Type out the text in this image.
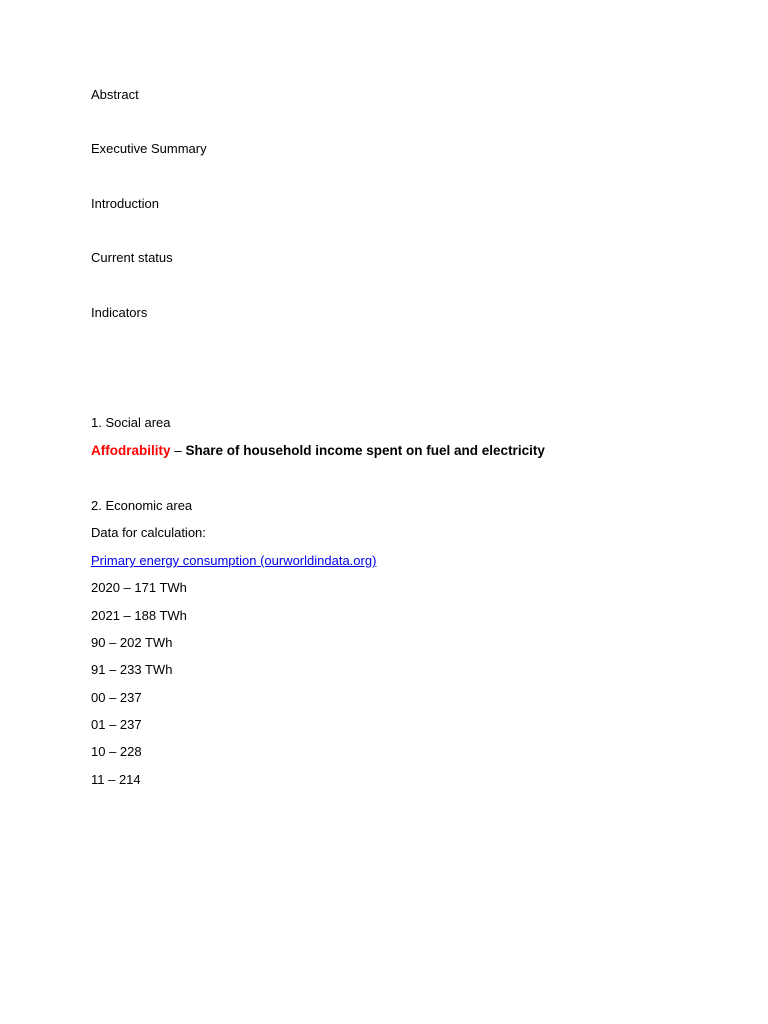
Abstract

Executive Summary

Introduction

Current status

Indicators

1. Social area

Affodrability – Share of household income spent on fuel and electricity

2. Economic area

Data for calculation:

Primary energy consumption (ourworldindata.org)

2020 – 171 TWh

2021 – 188 TWh

90 – 202 TWh

91 – 233 TWh

00 – 237

01 – 237

10 – 228

11 – 214
